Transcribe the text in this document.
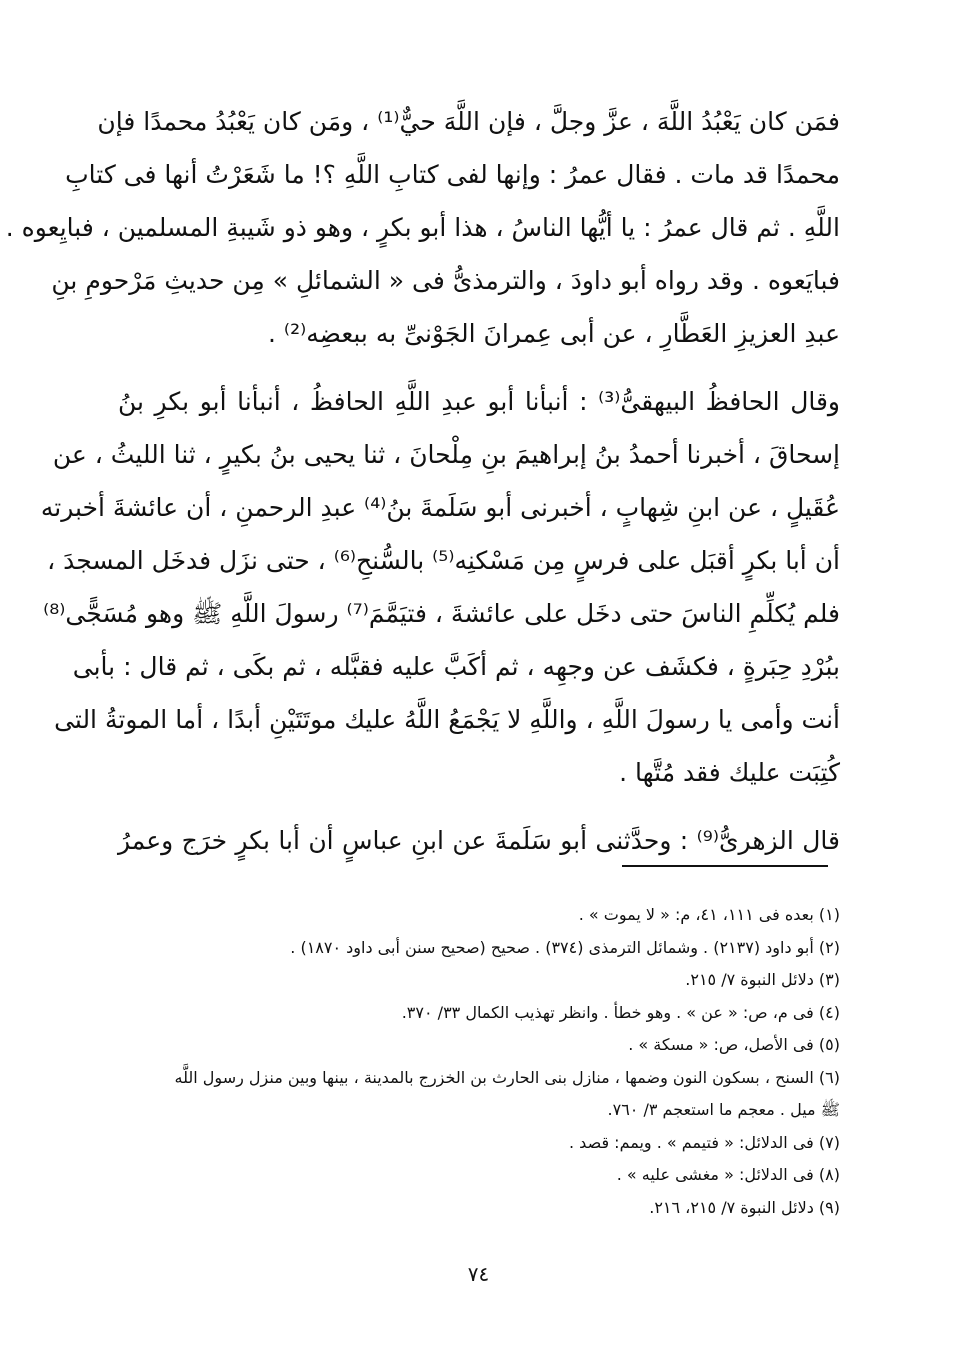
فمَن كان يَعْبُدُ اللَّهَ ، عزَّ وجلَّ ، فإن اللَّهَ حيٌّ⁽¹⁾ ، ومَن كان يَعْبُدُ محمدًا فإن
محمدًا قد مات . فقال عمرُ : وإنها لفى كتابِ اللَّهِ ؟! ما شَعَرْتُ أنها فى كتابِ
اللَّهِ . ثم قال عمرُ : يا أيُّها الناسُ ، هذا أبو بكرٍ ، وهو ذو شَيبةِ المسلمين ، فبايِعوه .
فبايَعوه . وقد رواه أبو داودَ ، والترمذىُّ فى « الشمائلِ » مِن حديثِ مَرْحومِ بنِ
عبدِ العزيزِ العَطَّارِ ، عن أبى عِمرانَ الجَوْنىِّ به ببعضِه⁽²⁾ .
وقال الحافظُ البيهقىُّ⁽³⁾ : أنبأنا أبو عبدِ اللَّهِ الحافظُ ، أنبأنا أبو بكرِ بنُ
إسحاقَ ، أخبرنا أحمدُ بنُ إبراهيمَ بنِ مِلْحانَ ، ثنا يحيى بنُ بكيرٍ ، ثنا الليثُ ، عن
عُقَيلٍ ، عن ابنِ شِهابٍ ، أخبرنى أبو سَلَمةَ بنُ⁽⁴⁾ عبدِ الرحمنِ ، أن عائشةَ أخبرته
أن أبا بكرٍ أقبَل على فرسٍ مِن مَسْكنِه⁽⁵⁾ بالسُّنحِ⁽⁶⁾ ، حتى نزَل فدخَل المسجدَ ،
فلم يُكلِّمِ الناسَ حتى دخَل على عائشةَ ، فتيَمَّمَ⁽⁷⁾ رسولَ اللَّهِ ﷺ وهو مُسَجًّى⁽⁸⁾
ببُرْدِ حِبَرةٍ ، فكشَف عن وجهِه ، ثم أكَبَّ عليه فقبَّله ، ثم بكَى ، ثم قال : بأبى
أنت وأمى يا رسولَ اللَّهِ ، واللَّهِ لا يَجْمَعُ اللَّهُ عليك موتَتَيْنِ أبدًا ، أما الموتةُ التى
كُتِبَت عليك فقد مُتَّها .
قال الزهرىُّ⁽⁹⁾ : وحدَّثنى أبو سَلَمةَ عن ابنِ عباسٍ أن أبا بكرٍ خرَج وعمرُ
(١) بعده فى ١١١، ٤١، م: « لا يموت » .
(٢) أبو داود (٢١٣٧) . وشمائل الترمذى (٣٧٤) . صحيح (صحيح سنن أبى داود ١٨٧٠) .
(٣) دلائل النبوة ٧/ ٢١٥.
(٤) فى م، ص: « عن » . وهو خطأ . وانظر تهذيب الكمال ٣٣/ ٣٧٠.
(٥) فى الأصل، ص: « مسكة » .
(٦) السنح ، بسكون النون وضمها ، منازل بنى الحارث بن الخزرج بالمدينة ، بينها وبين منزل رسول اللَّه
ﷺ ميل . معجم ما استعجم ٣/ ٧٦٠.
(٧) فى الدلائل: « فتيمم » . ويمم: قصد .
(٨) فى الدلائل: « مغشى عليه » .
(٩) دلائل النبوة ٧/ ٢١٥، ٢١٦.
٧٤
